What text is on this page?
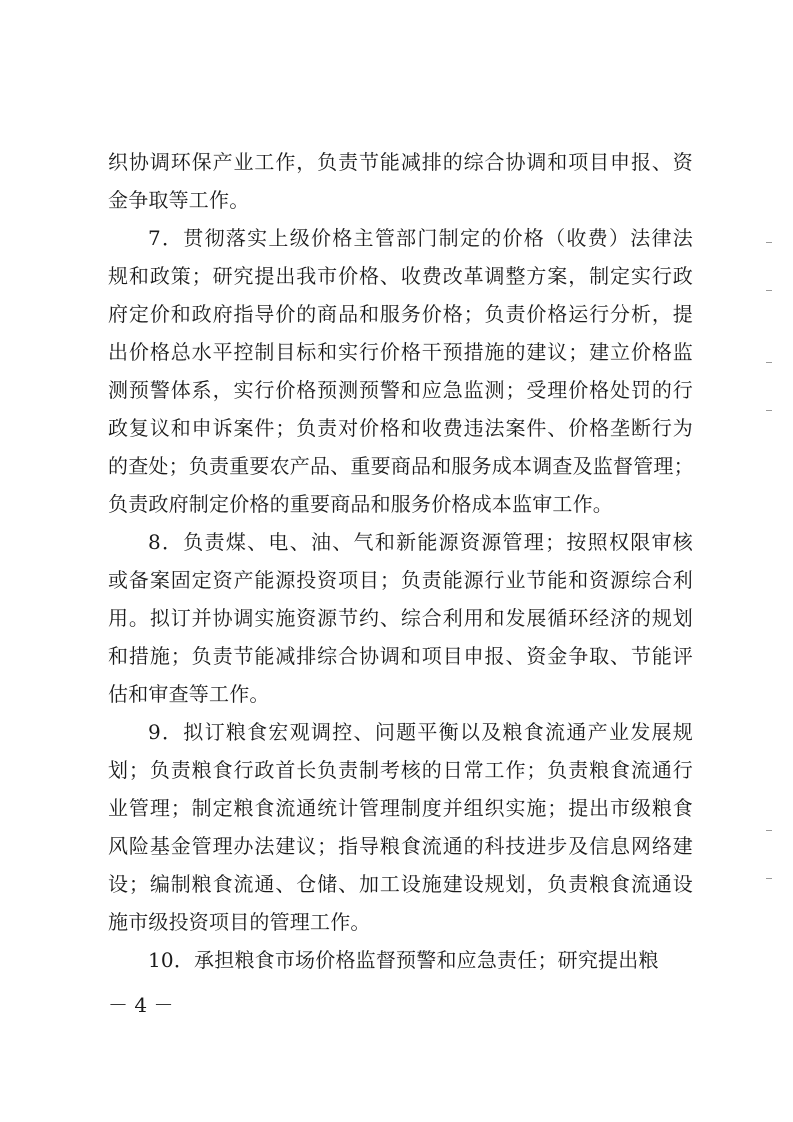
织协调环保产业工作，负责节能减排的综合协调和项目申报、资
金争取等工作。
7．贯彻落实上级价格主管部门制定的价格（收费）法律法
规和政策；研究提出我市价格、收费改革调整方案，制定实行政
府定价和政府指导价的商品和服务价格；负责价格运行分析，提
出价格总水平控制目标和实行价格干预措施的建议；建立价格监
测预警体系，实行价格预测预警和应急监测；受理价格处罚的行
政复议和申诉案件；负责对价格和收费违法案件、价格垄断行为
的查处；负责重要农产品、重要商品和服务成本调查及监督管理；
负责政府制定价格的重要商品和服务价格成本监审工作。
8．负责煤、电、油、气和新能源资源管理；按照权限审核
或备案固定资产能源投资项目；负责能源行业节能和资源综合利
用。拟订并协调实施资源节约、综合利用和发展循环经济的规划
和措施；负责节能减排综合协调和项目申报、资金争取、节能评
估和审查等工作。
9．拟订粮食宏观调控、问题平衡以及粮食流通产业发展规
划；负责粮食行政首长负责制考核的日常工作；负责粮食流通行
业管理；制定粮食流通统计管理制度并组织实施；提出市级粮食
风险基金管理办法建议；指导粮食流通的科技进步及信息网络建
设；编制粮食流通、仓储、加工设施建设规划，负责粮食流通设
施市级投资项目的管理工作。
10．承担粮食市场价格监督预警和应急责任；研究提出粮
－ 4 －
